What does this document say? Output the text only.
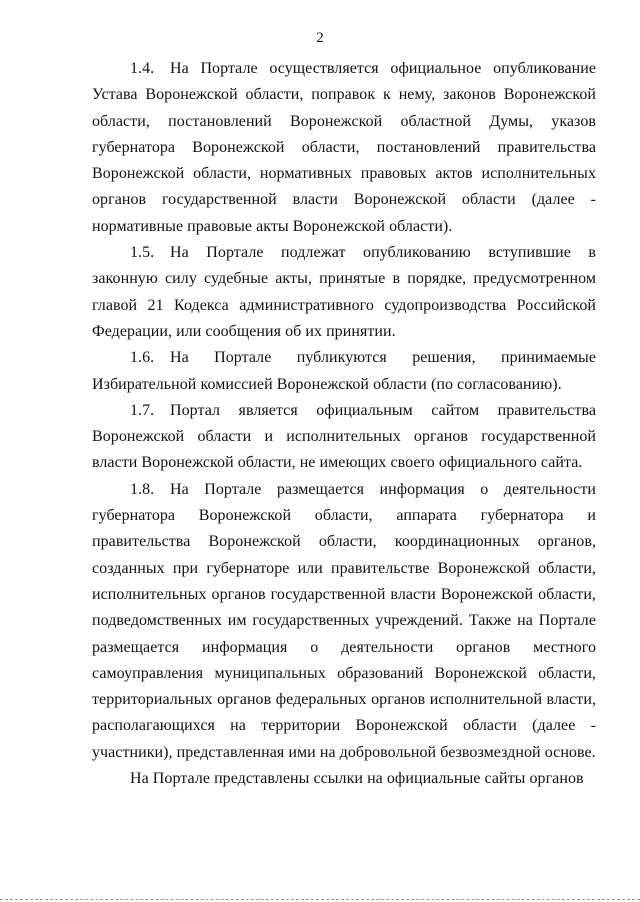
2

1.4. На Портале осуществляется официальное опубликование Устава Воронежской области, поправок к нему, законов Воронежской области, постановлений Воронежской областной Думы, указов губернатора Воронежской области, постановлений правительства Воронежской области, нормативных правовых актов исполнительных органов государственной власти Воронежской области (далее - нормативные правовые акты Воронежской области).

1.5. На Портале подлежат опубликованию вступившие в законную силу судебные акты, принятые в порядке, предусмотренном главой 21 Кодекса административного судопроизводства Российской Федерации, или сообщения об их принятии.

1.6. На Портале публикуются решения, принимаемые Избирательной комиссией Воронежской области (по согласованию).

1.7. Портал является официальным сайтом правительства Воронежской области и исполнительных органов государственной власти Воронежской области, не имеющих своего официального сайта.

1.8. На Портале размещается информация о деятельности губернатора Воронежской области, аппарата губернатора и правительства Воронежской области, координационных органов, созданных при губернаторе или правительстве Воронежской области, исполнительных органов государственной власти Воронежской области, подведомственных им государственных учреждений. Также на Портале размещается информация о деятельности органов местного самоуправления муниципальных образований Воронежской области, территориальных органов федеральных органов исполнительной власти, располагающихся на территории Воронежской области (далее - участники), представленная ими на добровольной безвозмездной основе.

На Портале представлены ссылки на официальные сайты органов
